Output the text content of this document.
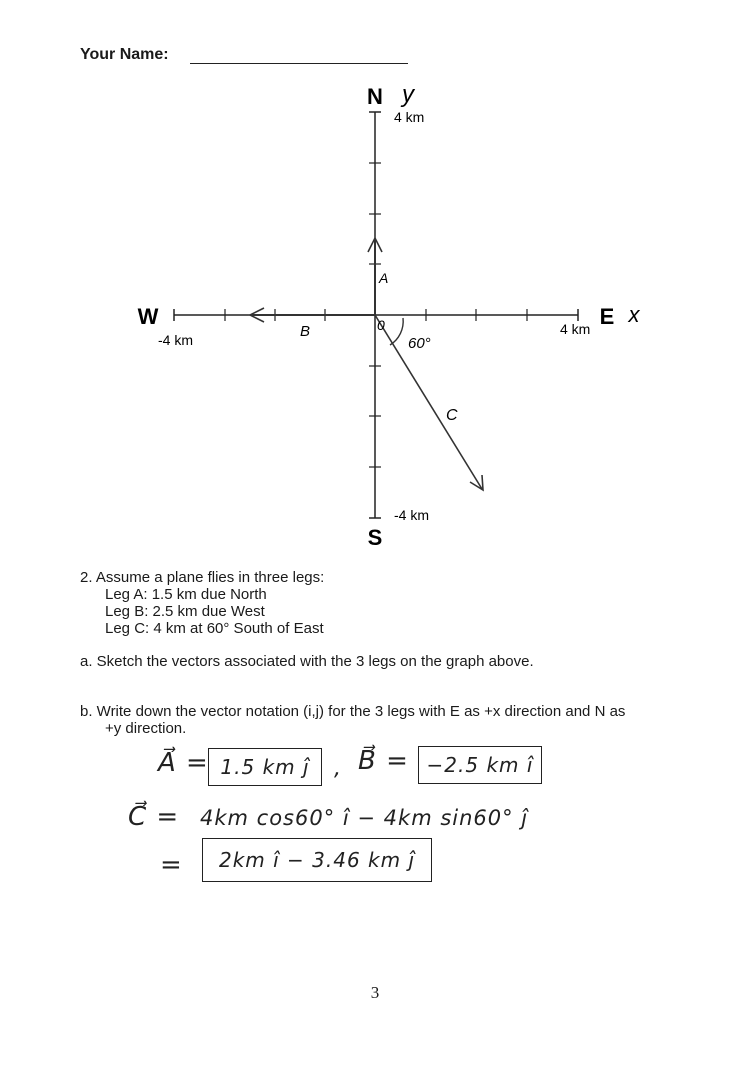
Your Name:
N
S
W	E
y
x
4 km
-4 km
-4 km
4 km
0
A
B
C
60°
2. Assume a plane flies in three legs:
Leg A: 1.5 km due North
Leg B: 2.5 km due West
Leg C: 4 km at 60° South of East
a. Sketch the vectors associated with the 3 legs on the graph above.
b. Write down the vector notation (i,j) for the 3 legs with E as +x direction and N as
+y direction.
A⃗ = 1.5 km ĵ	, B⃗ = −2.5 km î
C⃗ = 4km cos60° î − 4km sin60° ĵ
=	2km î − 3.46 km ĵ
3
